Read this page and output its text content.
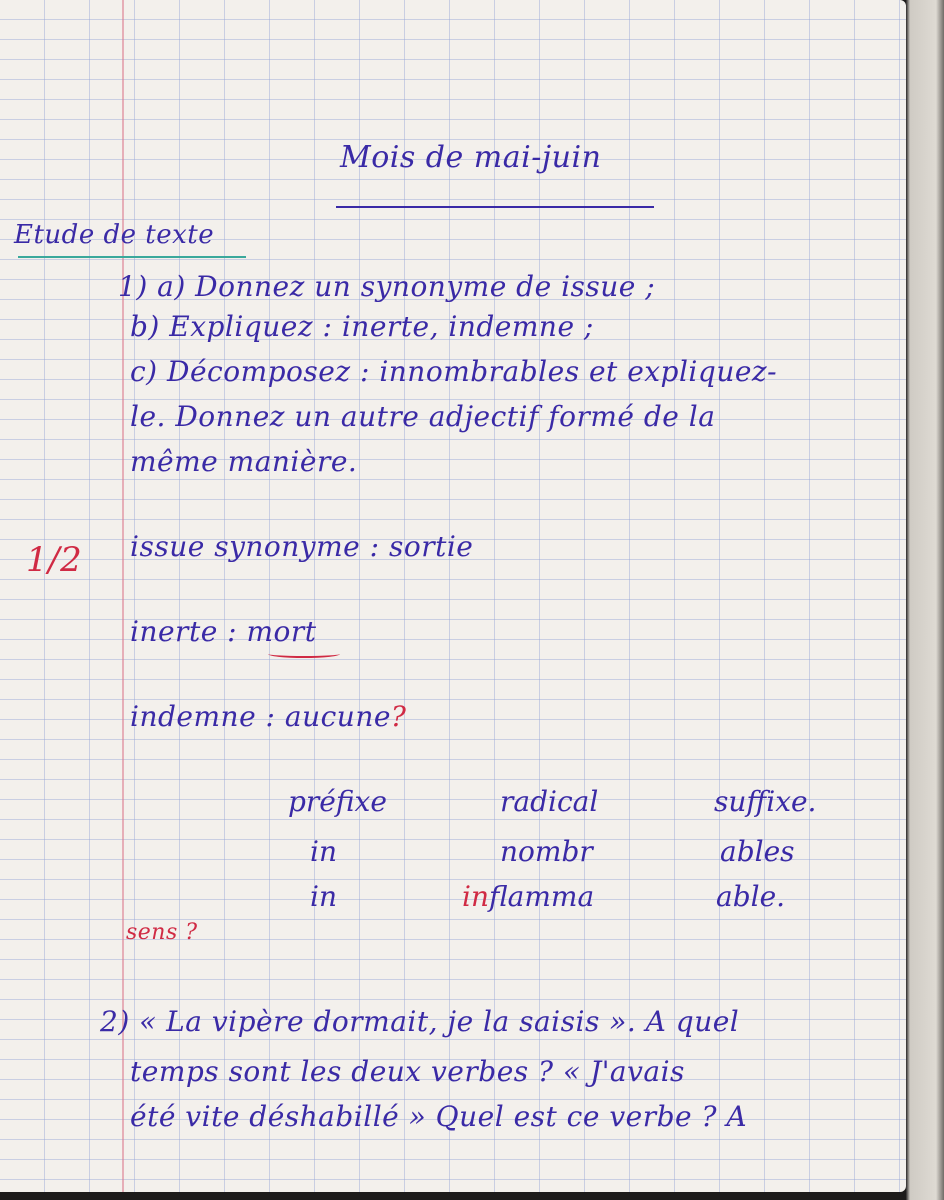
Mois de mai-juin
Etude de texte
1) a) Donnez un synonyme de issue ;
b) Expliquez : inerte, indemne ;
c) Décomposez : innombrables et expliquez-
le. Donnez un autre adjectif formé de la
même manière.
1/2 issue synonyme : sortie
inerte : mort
indemne : aucune?
préfixe	radical	suffixe.
in	nombr	ables
in	inflamma	able.
sens ?
2) « La vipère dormait, je la saisis ». A quel
temps sont les deux verbes ? « J'avais
été vite déshabillé » Quel est ce verbe ? A
